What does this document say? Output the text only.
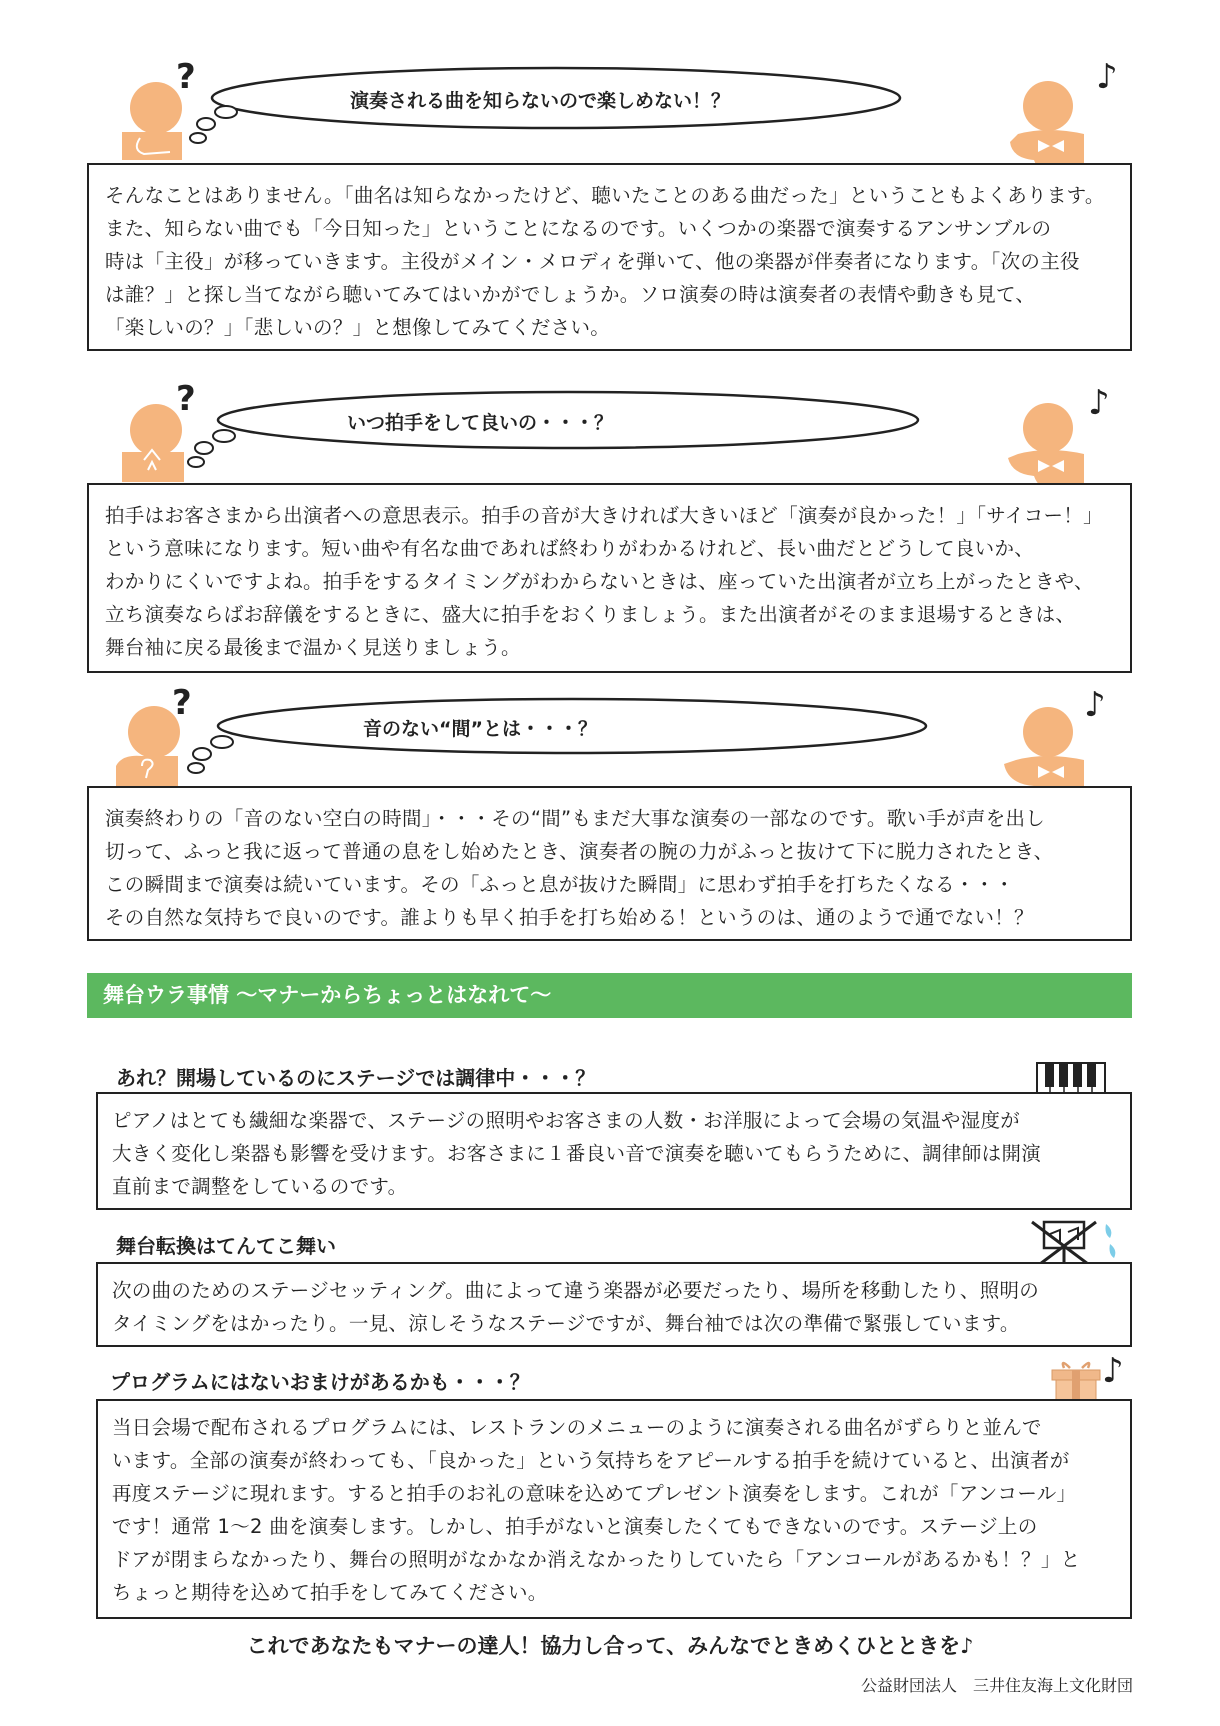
?
演奏される曲を知らないので楽しめない！？
♪
そんなことはありません。「曲名は知らなかったけど、聴いたことのある曲だった」ということもよくあります。
また、知らない曲でも「今日知った」ということになるのです。いくつかの楽器で演奏するアンサンブルの
時は「主役」が移っていきます。主役がメイン・メロディを弾いて、他の楽器が伴奏者になります。「次の主役
は誰？」と探し当てながら聴いてみてはいかがでしょうか。ソロ演奏の時は演奏者の表情や動きも見て、
「楽しいの？」「悲しいの？」と想像してみてください。
?
いつ拍手をして良いの・・・？	♪
拍手はお客さまから出演者への意思表示。拍手の音が大きければ大きいほど「演奏が良かった！」「サイコー！」
という意味になります。短い曲や有名な曲であれば終わりがわかるけれど、長い曲だとどうして良いか、
わかりにくいですよね。拍手をするタイミングがわからないときは、座っていた出演者が立ち上がったときや、
立ち演奏ならばお辞儀をするときに、盛大に拍手をおくりましょう。また出演者がそのまま退場するときは、
舞台袖に戻る最後まで温かく見送りましょう。
?
音のない“間”とは・・・？
♪
演奏終わりの「音のない空白の時間」・・・その“間”もまだ大事な演奏の一部なのです。歌い手が声を出し
切って、ふっと我に返って普通の息をし始めたとき、演奏者の腕の力がふっと抜けて下に脱力されたとき、
この瞬間まで演奏は続いています。その「ふっと息が抜けた瞬間」に思わず拍手を打ちたくなる・・・
その自然な気持ちで良いのです。誰よりも早く拍手を打ち始める！というのは、通のようで通でない！？
舞台ウラ事情 ～マナーからちょっとはなれて～
あれ？開場しているのにステージでは調律中・・・？
ピアノはとても繊細な楽器で、ステージの照明やお客さまの人数・お洋服によって会場の気温や湿度が
大きく変化し楽器も影響を受けます。お客さまに１番良い音で演奏を聴いてもらうために、調律師は開演
直前まで調整をしているのです。
舞台転換はてんてこ舞い
次の曲のためのステージセッティング。曲によって違う楽器が必要だったり、場所を移動したり、照明の
タイミングをはかったり。一見、涼しそうなステージですが、舞台袖では次の準備で緊張しています。
プログラムにはないおまけがあるかも・・・？	♪
当日会場で配布されるプログラムには、レストランのメニューのように演奏される曲名がずらりと並んで
います。全部の演奏が終わっても、「良かった」という気持ちをアピールする拍手を続けていると、出演者が
再度ステージに現れます。すると拍手のお礼の意味を込めてプレゼント演奏をします。これが「アンコール」
です！通常 1～2 曲を演奏します。しかし、拍手がないと演奏したくてもできないのです。ステージ上の
ドアが閉まらなかったり、舞台の照明がなかなか消えなかったりしていたら「アンコールがあるかも！？」と
ちょっと期待を込めて拍手をしてみてください。
これであなたもマナーの達人！協力し合って、みんなでときめくひとときを♪
公益財団法人　三井住友海上文化財団
